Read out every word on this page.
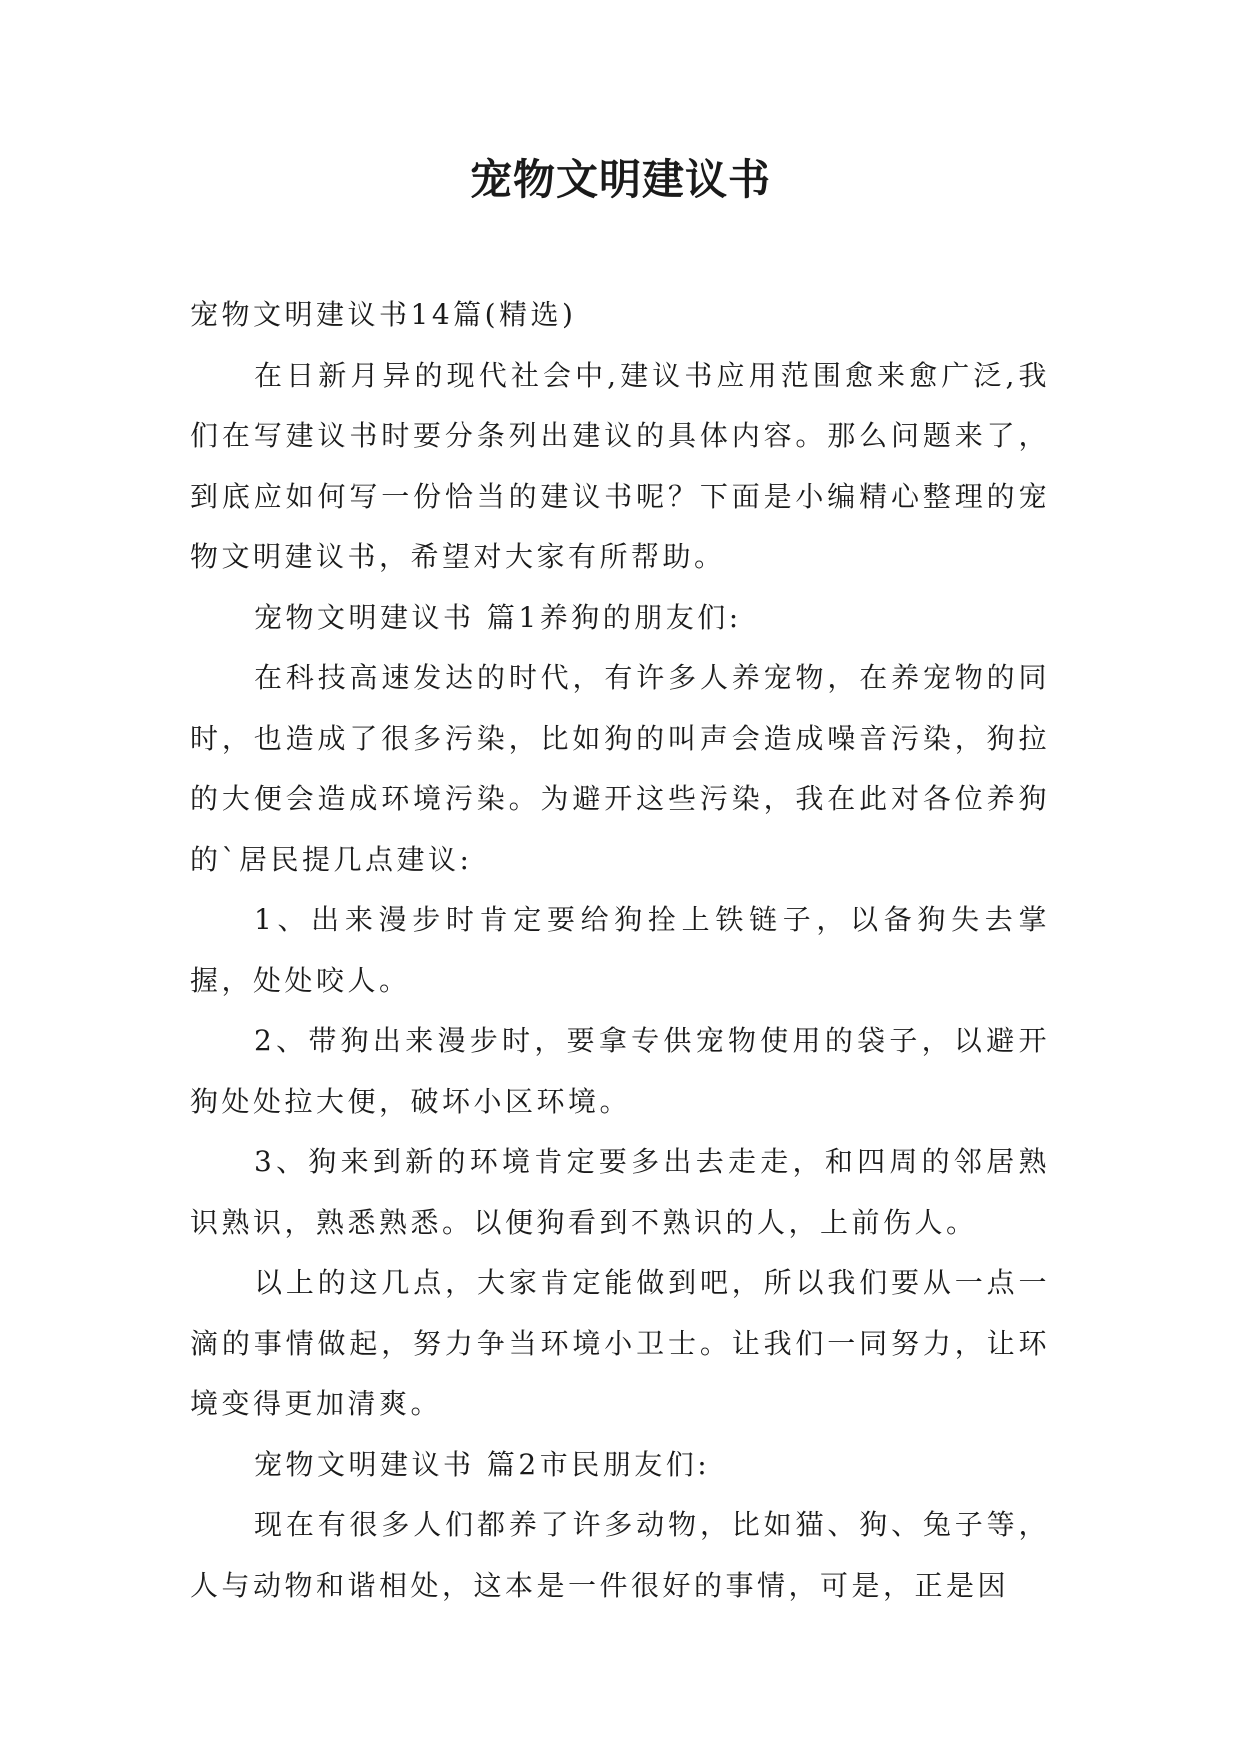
宠物文明建议书

宠物文明建议书14篇(精选)

在日新月异的现代社会中,建议书应用范围愈来愈广泛,我们在写建议书时要分条列出建议的具体内容。那么问题来了，到底应如何写一份恰当的建议书呢？下面是小编精心整理的宠物文明建议书，希望对大家有所帮助。

宠物文明建议书 篇1养狗的朋友们:

在科技高速发达的时代，有许多人养宠物，在养宠物的同时，也造成了很多污染，比如狗的叫声会造成噪音污染，狗拉的大便会造成环境污染。为避开这些污染，我在此对各位养狗的`居民提几点建议:

1、出来漫步时肯定要给狗拴上铁链子，以备狗失去掌握，处处咬人。

2、带狗出来漫步时，要拿专供宠物使用的袋子，以避开狗处处拉大便，破坏小区环境。

3、狗来到新的环境肯定要多出去走走，和四周的邻居熟识熟识，熟悉熟悉。以便狗看到不熟识的人，上前伤人。

以上的这几点，大家肯定能做到吧，所以我们要从一点一滴的事情做起，努力争当环境小卫士。让我们一同努力，让环境变得更加清爽。

宠物文明建议书 篇2市民朋友们:

现在有很多人们都养了许多动物，比如猫、狗、兔子等，人与动物和谐相处，这本是一件很好的事情，可是，正是因
